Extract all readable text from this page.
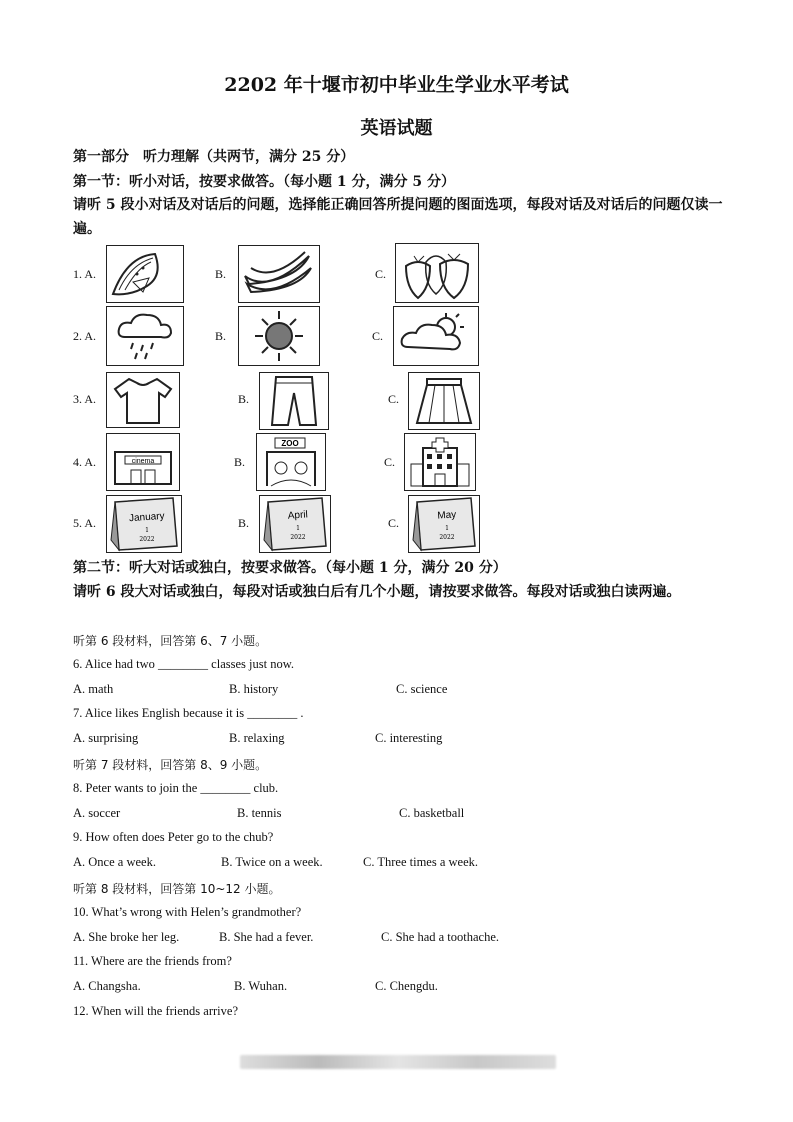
2202 年十堰市初中毕业生学业水平考试
英语试题
第一部分　听力理解（共两节，满分 25 分）
第一节：听小对话，按要求做答。（每小题 1 分，满分 5 分）
请听 5 段小对话及对话后的问题，选择能正确回答所提问题的图面选项，每段对话及对话后的问题仅读一遍。
1. A.	B.	C.
2. A.	B.	C.
3. A.	B.	C.
4. A.	cinema	B.
ZOO
C.
5. A.	January
1
2022
B.
April
1
2022
C.
May
1
2022
第二节：听大对话或独白，按要求做答。（每小题 1 分，满分 20 分）
请听 6 段大对话或独白，每段对话或独白后有几个小题，请按要求做答。每段对话或独白读两遍。
听第 6 段材料，回答第 6、7 小题。
6. Alice had two ________ classes just now.
A. math	B. history	C. science
7. Alice likes English because it is ________ .
A. surprising	B. relaxing	C. interesting
听第 7 段材料，回答第 8、9 小题。
8. Peter wants to join the ________ club.
A. soccer	B. tennis	C. basketball
9. How often does Peter go to the chub?
A. Once a week.	B. Twice on a week.	C. Three times a week.
听第 8 段材料，回答第 10~12 小题。
10. What’s wrong with Helen’s grandmother?
A. She broke her leg.	B. She had a fever.	C. She had a toothache.
11. Where are the friends from?
A. Changsha.	B. Wuhan.	C. Chengdu.
12. When will the friends arrive?
